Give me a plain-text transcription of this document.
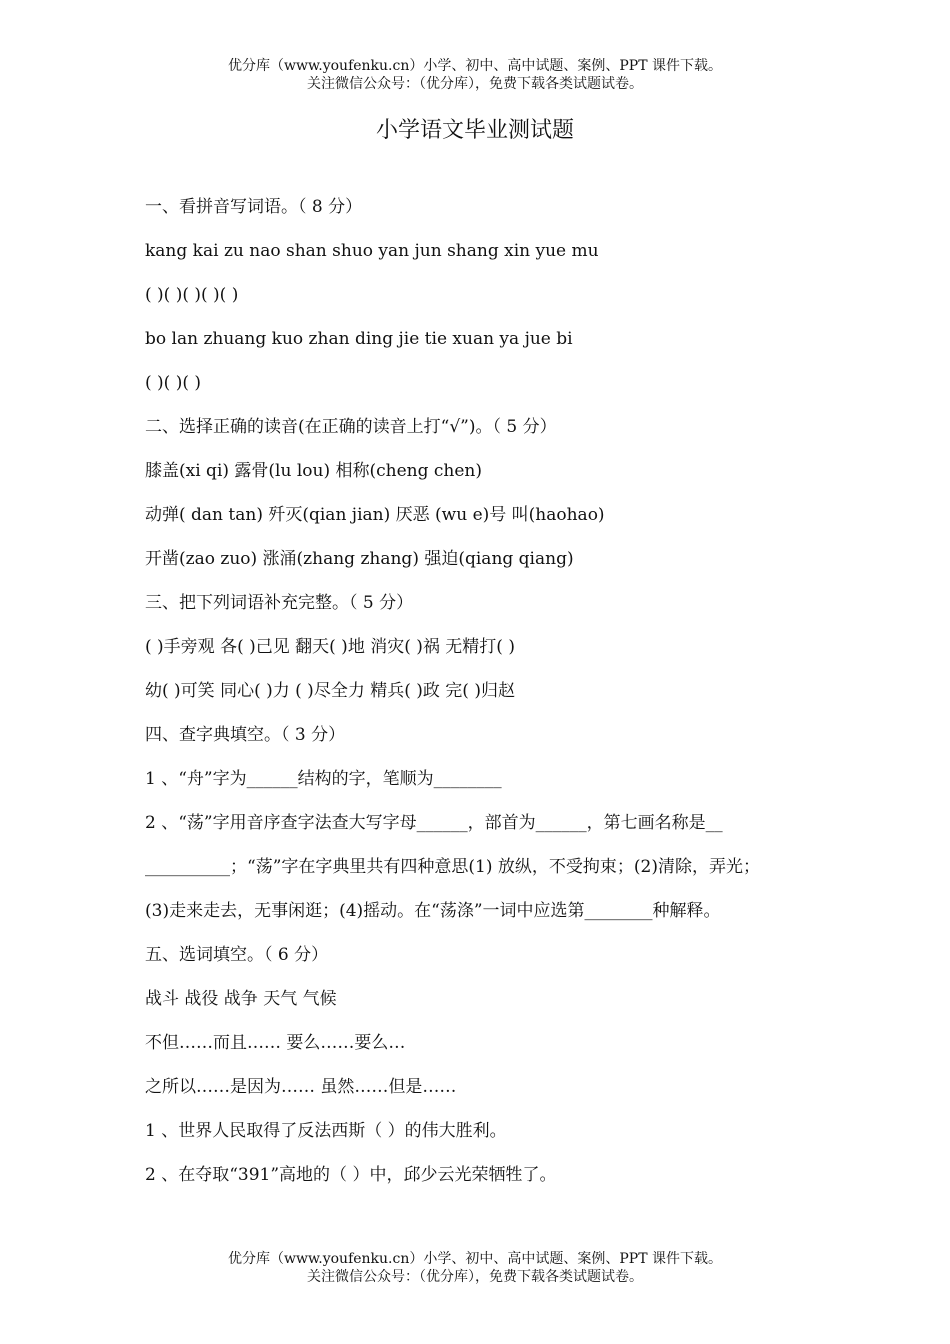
优分库（www.youfenku.cn）小学、初中、高中试题、案例、PPT 课件下载。
关注微信公众号：（优分库），免费下载各类试题试卷。
小学语文毕业测试题
一、看拼音写词语。（ 8 分）
kang kai zu nao shan shuo yan jun shang xin yue mu
( )( )( )( )( )
bo lan zhuang kuo zhan ding jie tie xuan ya jue bi
( )( )( )
二、选择正确的读音(在正确的读音上打“√”)。（ 5 分）
膝盖(xi qi) 露骨(lu lou) 相称(cheng chen)
动弹( dan tan) 歼灭(qian jian) 厌恶 (wu e)号 叫(haohao)
开凿(zao zuo) 涨涌(zhang zhang) 强迫(qiang qiang)
三、把下列词语补充完整。（ 5 分）
( )手旁观 各( )己见 翻天( )地 消灾( )祸 无精打( )
幼( )可笑 同心( )力 ( )尽全力 精兵( )政 完( )归赵
四、查字典填空。（ 3 分）
1 、“舟”字为______结构的字，笔顺为________
2 、“荡”字用音序查字法查大写字母______，部首为______，第七画名称是__
__________；“荡”字在字典里共有四种意思(1) 放纵，不受拘束；(2)清除，弄光；
(3)走来走去，无事闲逛；(4)摇动。在“荡涤”一词中应选第________种解释。
五、选词填空。（ 6 分）
战斗 战役 战争 天气 气候
不但……而且…… 要么……要么…
之所以……是因为…… 虽然……但是……
1 、世界人民取得了反法西斯（ ）的伟大胜利。
2 、在夺取“391”高地的（ ）中，邱少云光荣牺牲了。
优分库（www.youfenku.cn）小学、初中、高中试题、案例、PPT 课件下载。
关注微信公众号：（优分库），免费下载各类试题试卷。
